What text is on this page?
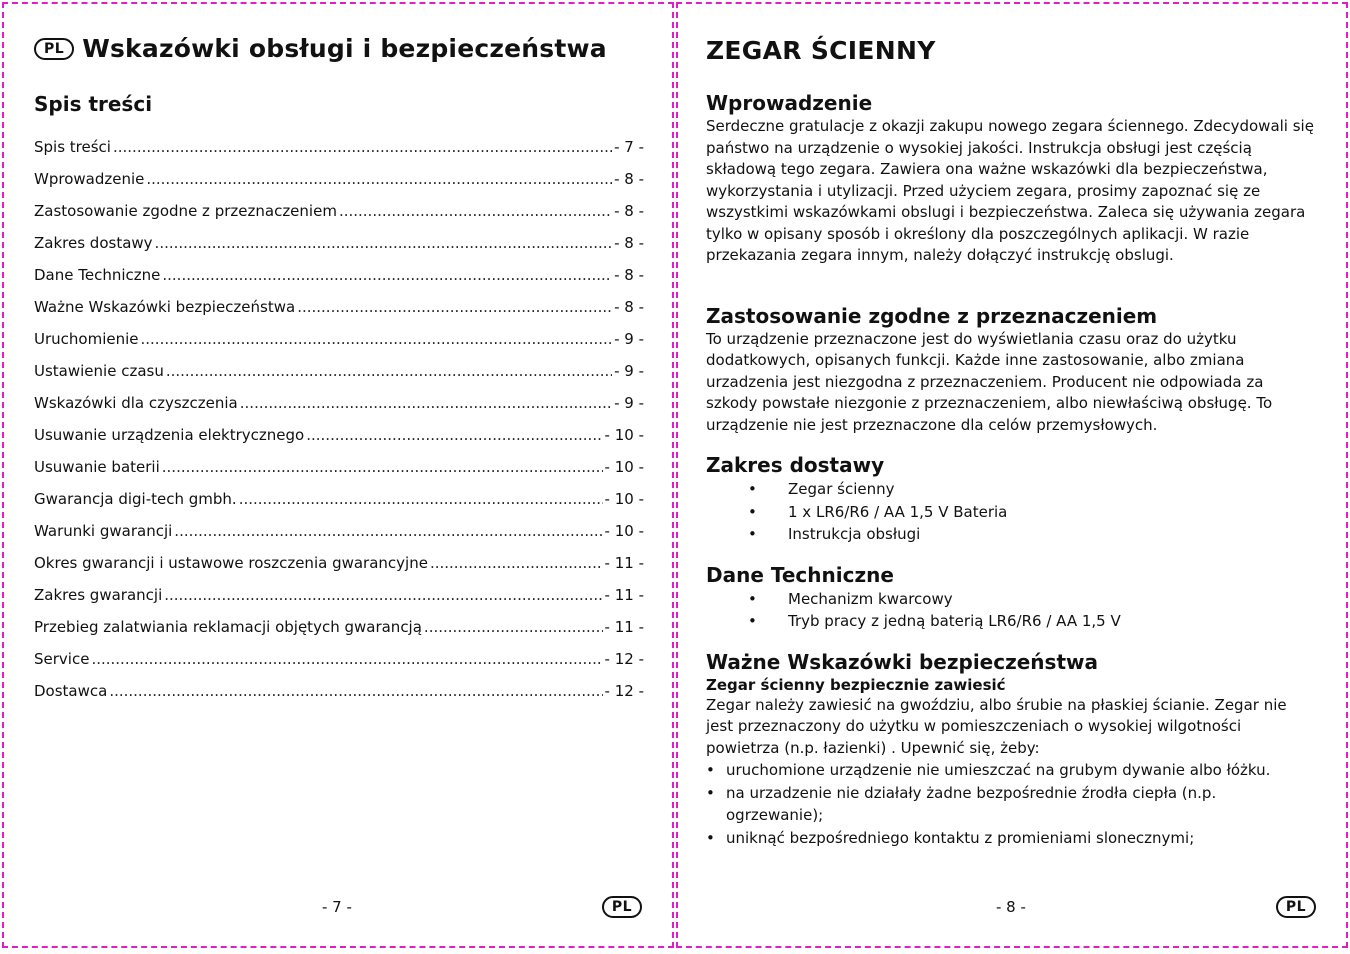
PL Wskazówki obsługi i bezpieczeństwa
Spis treści
Spis treści .....	- 7 -
Wprowadzenie .....	- 8 -
Zastosowanie zgodne z przeznaczeniem .....	- 8 -
Zakres dostawy .....	- 8 -
Dane Techniczne .....	- 8 -
Ważne Wskazówki bezpieczeństwa .....	- 8 -
Uruchomienie .....	- 9 -
Ustawienie czasu .....	- 9 -
Wskazówki dla czyszczenia .....	- 9 -
Usuwanie urządzenia elektrycznego .....	- 10 -
Usuwanie baterii .....	- 10 -
Gwarancja digi-tech gmbh. .....	- 10 -
Warunki gwarancji .....	- 10 -
Okres gwarancji i ustawowe roszczenia gwarancyjne .....	- 11 -
Zakres gwarancji .....	- 11 -
Przebieg zalatwiania reklamacji objętych gwarancją .....	- 11 -
Service .....	- 12 -
Dostawca .....	- 12 -
- 7 -	PL
ZEGAR ŚCIENNY
Wprowadzenie

Serdeczne gratulacje z okazji zakupu nowego zegara ściennego. Zdecydowali się państwo na urządzenie o wysokiej jakości. Instrukcja obsługi jest częścią składową tego zegara. Zawiera ona ważne wskazówki dla bezpieczeństwa, wykorzystania i utylizacji. Przed użyciem zegara, prosimy zapoznać się ze wszystkimi wskazówkami obslugi i bezpieczeństwa. Zaleca się używania zegara tylko w opisany sposób i określony dla poszczególnych aplikacji. W razie przekazania zegara innym, należy dołączyć instrukcję obslugi.

Zastosowanie zgodne z przeznaczeniem

To urządzenie przeznaczone jest do wyświetlania czasu oraz do użytku dodatkowych, opisanych funkcji. Każde inne zastosowanie, albo zmiana urzadzenia jest niezgodna z przeznaczeniem. Producent nie odpowiada za szkody powstałe niezgonie z przeznaczeniem, albo niewłaściwą obsługę. To urządzenie nie jest przeznaczone dla celów przemysłowych.

Zakres dostawy
• Zegar ścienny
• 1 x LR6/R6 / AA 1,5 V Bateria
• Instrukcja obsługi
Dane Techniczne
• Mechanizm kwarcowy
• Tryb pracy z jedną baterią LR6/R6 / AA 1,5 V
Ważne Wskazówki bezpieczeństwa
Zegar ścienny bezpiecznie zawiesić

Zegar należy zawiesić na gwoździu, albo śrubie na płaskiej ścianie. Zegar nie jest przeznaczony do użytku w pomieszczeniach o wysokiej wilgotności powietrza (n.p. łazienki) . Upewnić się, żeby:

• uruchomione urządzenie nie umieszczać na grubym dywanie albo łóżku.
• na urzadzenie nie działały żadne bezpośrednie źrodła ciepła (n.p. ogrzewanie);
• uniknąć bezpośredniego kontaktu z promieniami slonecznymi;
- 8 -	PL
